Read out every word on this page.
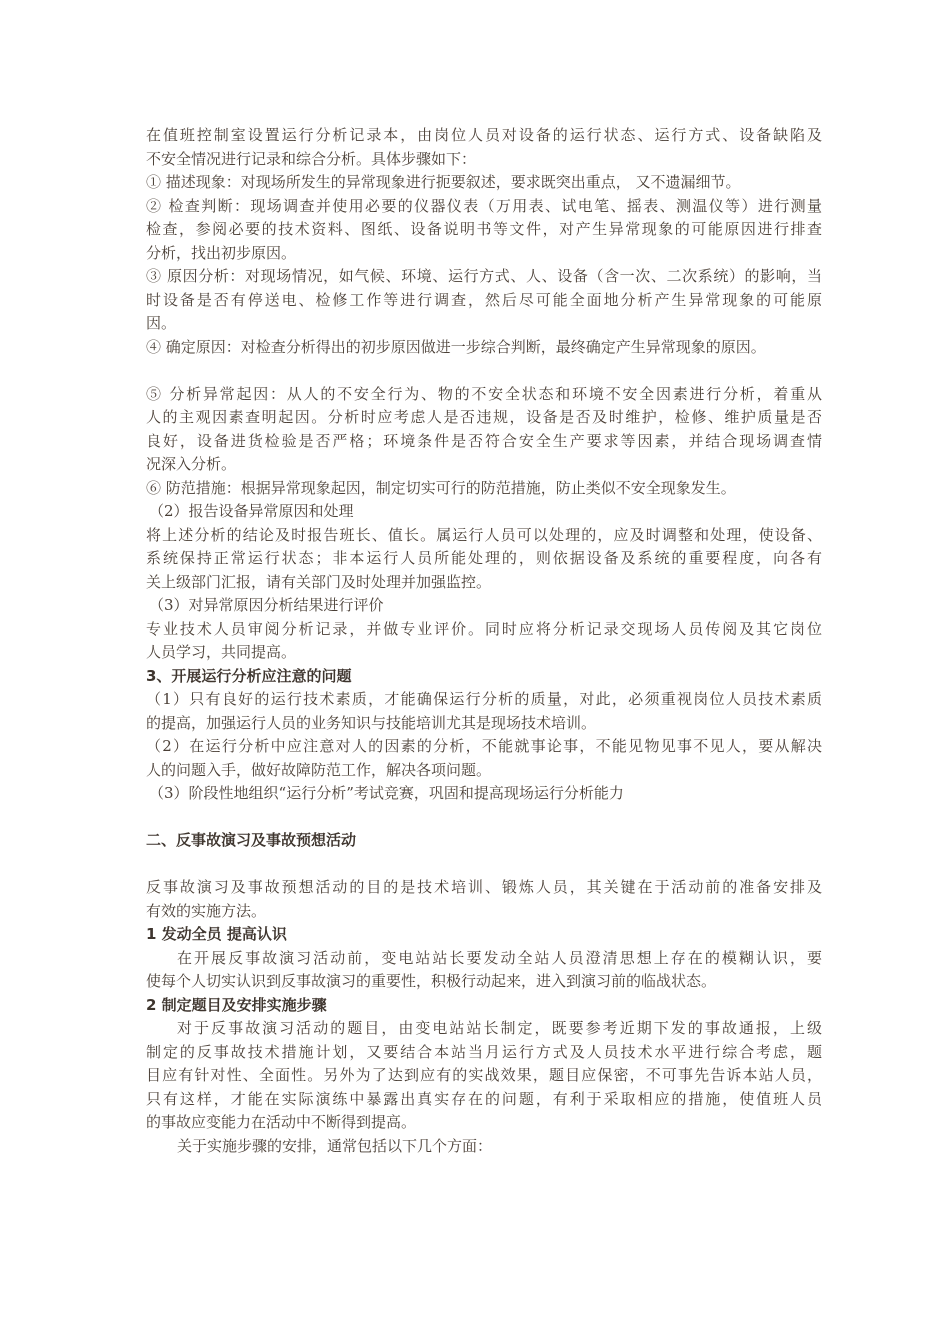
在值班控制室设置运行分析记录本，由岗位人员对设备的运行状态、运行方式、设备缺陷及
不安全情况进行记录和综合分析。具体步骤如下：
① 描述现象：对现场所发生的异常现象进行扼要叙述，要求既突出重点， 又不遗漏细节。
② 检查判断：现场调查并使用必要的仪器仪表（万用表、试电笔、摇表、测温仪等）进行测量
检查，参阅必要的技术资料、图纸、设备说明书等文件，对产生异常现象的可能原因进行排查
分析，找出初步原因。
③ 原因分析：对现场情况，如气候、环境、运行方式、人、设备（含一次、二次系统）的影响，当
时设备是否有停送电、检修工作等进行调查，然后尽可能全面地分析产生异常现象的可能原
因。
④ 确定原因：对检查分析得出的初步原因做进一步综合判断，最终确定产生异常现象的原因。
⑤ 分析异常起因：从人的不安全行为、物的不安全状态和环境不安全因素进行分析，着重从
人的主观因素查明起因。分析时应考虑人是否违规，设备是否及时维护，检修、维护质量是否
良好，设备进货检验是否严格；环境条件是否符合安全生产要求等因素，并结合现场调查情
况深入分析。
⑥ 防范措施：根据异常现象起因，制定切实可行的防范措施，防止类似不安全现象发生。
（2）报告设备异常原因和处理
将上述分析的结论及时报告班长、值长。属运行人员可以处理的，应及时调整和处理，使设备、
系统保持正常运行状态；非本运行人员所能处理的，则依据设备及系统的重要程度，向各有
关上级部门汇报，请有关部门及时处理并加强监控。
（3）对异常原因分析结果进行评价
专业技术人员审阅分析记录，并做专业评价。同时应将分析记录交现场人员传阅及其它岗位
人员学习，共同提高。
3、开展运行分析应注意的问题
（1）只有良好的运行技术素质，才能确保运行分析的质量，对此，必须重视岗位人员技术素质
的提高，加强运行人员的业务知识与技能培训尤其是现场技术培训。
（2）在运行分析中应注意对人的因素的分析，不能就事论事，不能见物见事不见人，要从解决
人的问题入手，做好故障防范工作，解决各项问题。
（3）阶段性地组织“运行分析”考试竞赛，巩固和提高现场运行分析能力
二、反事故演习及事故预想活动
反事故演习及事故预想活动的目的是技术培训、锻炼人员，其关键在于活动前的准备安排及
有效的实施方法。
1 发动全员 提高认识
在开展反事故演习活动前，变电站站长要发动全站人员澄清思想上存在的模糊认识，要
使每个人切实认识到反事故演习的重要性，积极行动起来，进入到演习前的临战状态。
2 制定题目及安排实施步骤
对于反事故演习活动的题目，由变电站站长制定，既要参考近期下发的事故通报，上级
制定的反事故技术措施计划，又要结合本站当月运行方式及人员技术水平进行综合考虑，题
目应有针对性、全面性。另外为了达到应有的实战效果，题目应保密，不可事先告诉本站人员，
只有这样，才能在实际演练中暴露出真实存在的问题，有利于采取相应的措施，使值班人员
的事故应变能力在活动中不断得到提高。
关于实施步骤的安排，通常包括以下几个方面：
